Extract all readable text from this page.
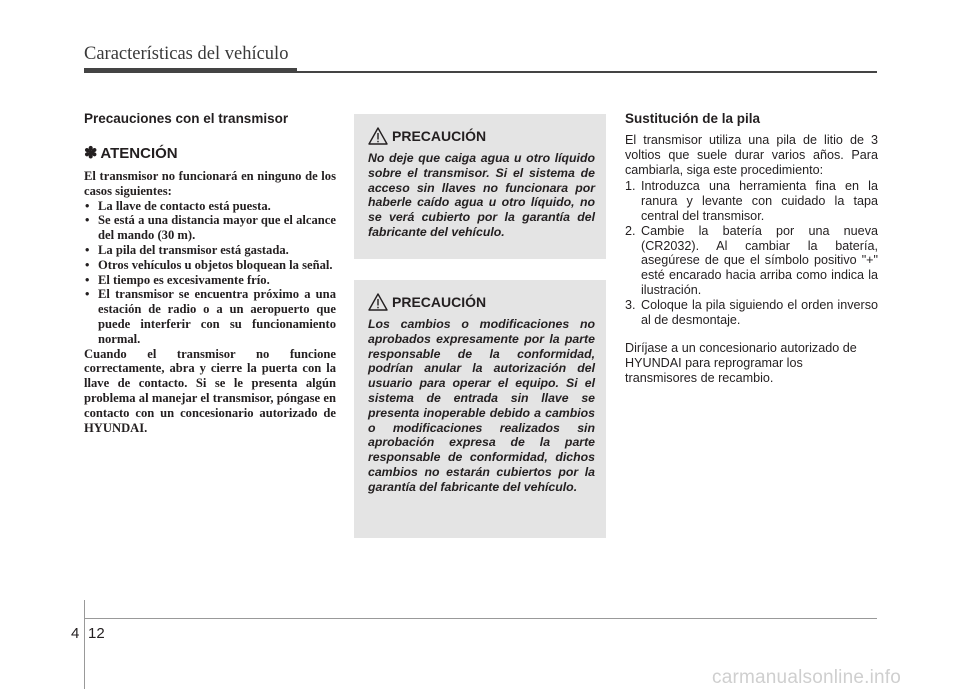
Características del vehículo
Precauciones con el transmisor
✽ ATENCIÓN
El transmisor no funcionará en ninguno de los casos siguientes:
• La llave de contacto está puesta.
• Se está a una distancia mayor que el alcance del mando (30 m).
• La pila del transmisor está gastada.
• Otros vehículos u objetos bloquean la señal.
• El tiempo es excesivamente frío.
• El transmisor se encuentra próximo a una estación de radio o a un aeropuerto que puede interferir con su funcionamiento normal.
Cuando el transmisor no funcione correctamente, abra y cierre la puerta con la llave de contacto. Si se le presenta algún problema al manejar el transmisor, póngase en contacto con un concesionario autorizado de HYUNDAI.
PRECAUCIÓN
No deje que caiga agua u otro líquido sobre el transmisor. Si el sistema de acceso sin llaves no funcionara por haberle caído agua u otro líquido, no se verá cubierto por la garantía del fabricante del vehículo.
PRECAUCIÓN
Los cambios o modificaciones no aprobados expresamente por la parte responsable de la conformidad, podrían anular la autorización del usuario para operar el equipo. Si el sistema de entrada sin llave se presenta inoperable debido a cambios o modificaciones realizados sin aprobación expresa de la parte responsable de conformidad, dichos cambios no estarán cubiertos por la garantía del fabricante del vehículo.
Sustitución de la pila
El transmisor utiliza una pila de litio de 3 voltios que suele durar varios años. Para cambiarla, siga este procedimiento:
1. Introduzca una herramienta fina en la ranura y levante con cuidado la tapa central del transmisor.
2. Cambie la batería por una nueva (CR2032). Al cambiar la batería, asegúrese de que el símbolo positivo "+" esté encarado hacia arriba como indica la ilustración.
3. Coloque la pila siguiendo el orden inverso al de desmontaje.
Diríjase a un concesionario autorizado de HYUNDAI para reprogramar los transmisores de recambio.
4 12
carmanualsonline.info
